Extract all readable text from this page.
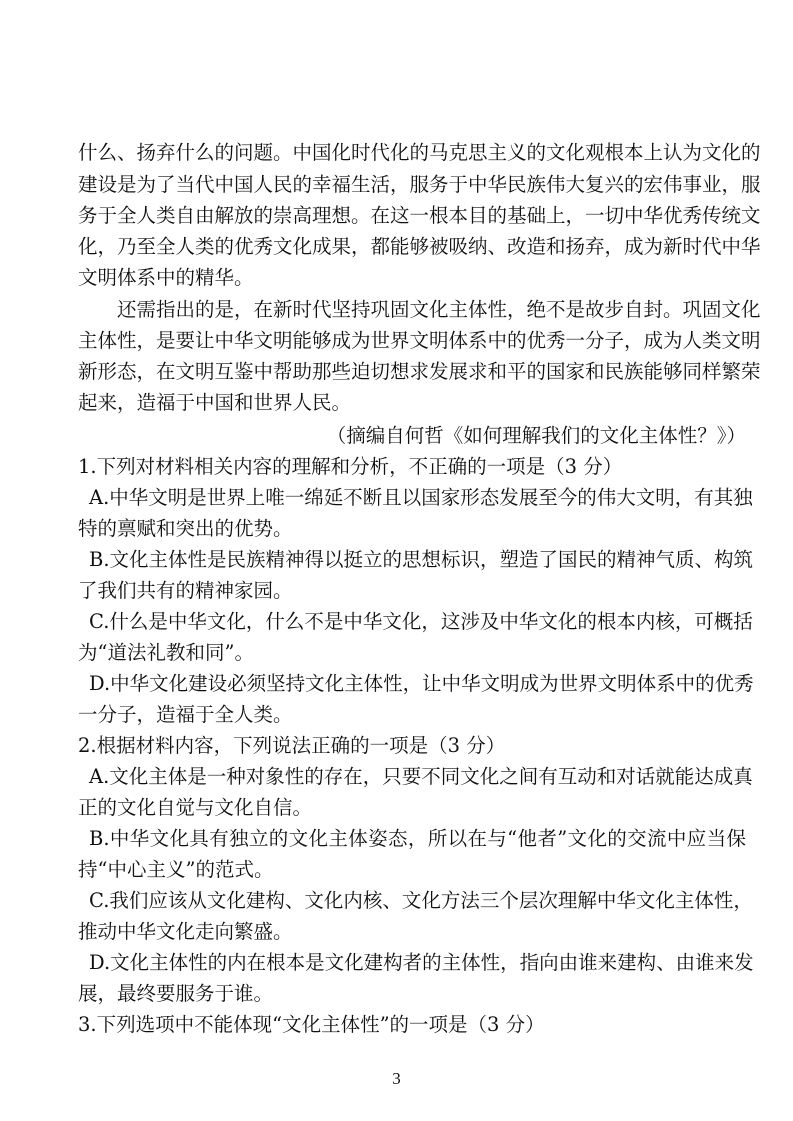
什么、扬弃什么的问题。中国化时代化的马克思主义的文化观根本上认为文化的
建设是为了当代中国人民的幸福生活，服务于中华民族伟大复兴的宏伟事业，服
务于全人类自由解放的崇高理想。在这一根本目的基础上，一切中华优秀传统文
化，乃至全人类的优秀文化成果，都能够被吸纳、改造和扬弃，成为新时代中华
文明体系中的精华。
还需指出的是，在新时代坚持巩固文化主体性，绝不是故步自封。巩固文化
主体性，是要让中华文明能够成为世界文明体系中的优秀一分子，成为人类文明
新形态，在文明互鉴中帮助那些迫切想求发展求和平的国家和民族能够同样繁荣
起来，造福于中国和世界人民。
（摘编自何哲《如何理解我们的文化主体性？》）
1.下列对材料相关内容的理解和分析，不正确的一项是（3 分）
A.中华文明是世界上唯一绵延不断且以国家形态发展至今的伟大文明，有其独
特的禀赋和突出的优势。
B.文化主体性是民族精神得以挺立的思想标识，塑造了国民的精神气质、构筑
了我们共有的精神家园。
C.什么是中华文化，什么不是中华文化，这涉及中华文化的根本内核，可概括
为“道法礼教和同”。
D.中华文化建设必须坚持文化主体性，让中华文明成为世界文明体系中的优秀
一分子，造福于全人类。
2.根据材料内容，下列说法正确的一项是（3 分）
A.文化主体是一种对象性的存在，只要不同文化之间有互动和对话就能达成真
正的文化自觉与文化自信。
B.中华文化具有独立的文化主体姿态，所以在与“他者”文化的交流中应当保
持“中心主义”的范式。
C.我们应该从文化建构、文化内核、文化方法三个层次理解中华文化主体性，
推动中华文化走向繁盛。
D.文化主体性的内在根本是文化建构者的主体性，指向由谁来建构、由谁来发
展，最终要服务于谁。
3.下列选项中不能体现“文化主体性”的一项是（3 分）
3
